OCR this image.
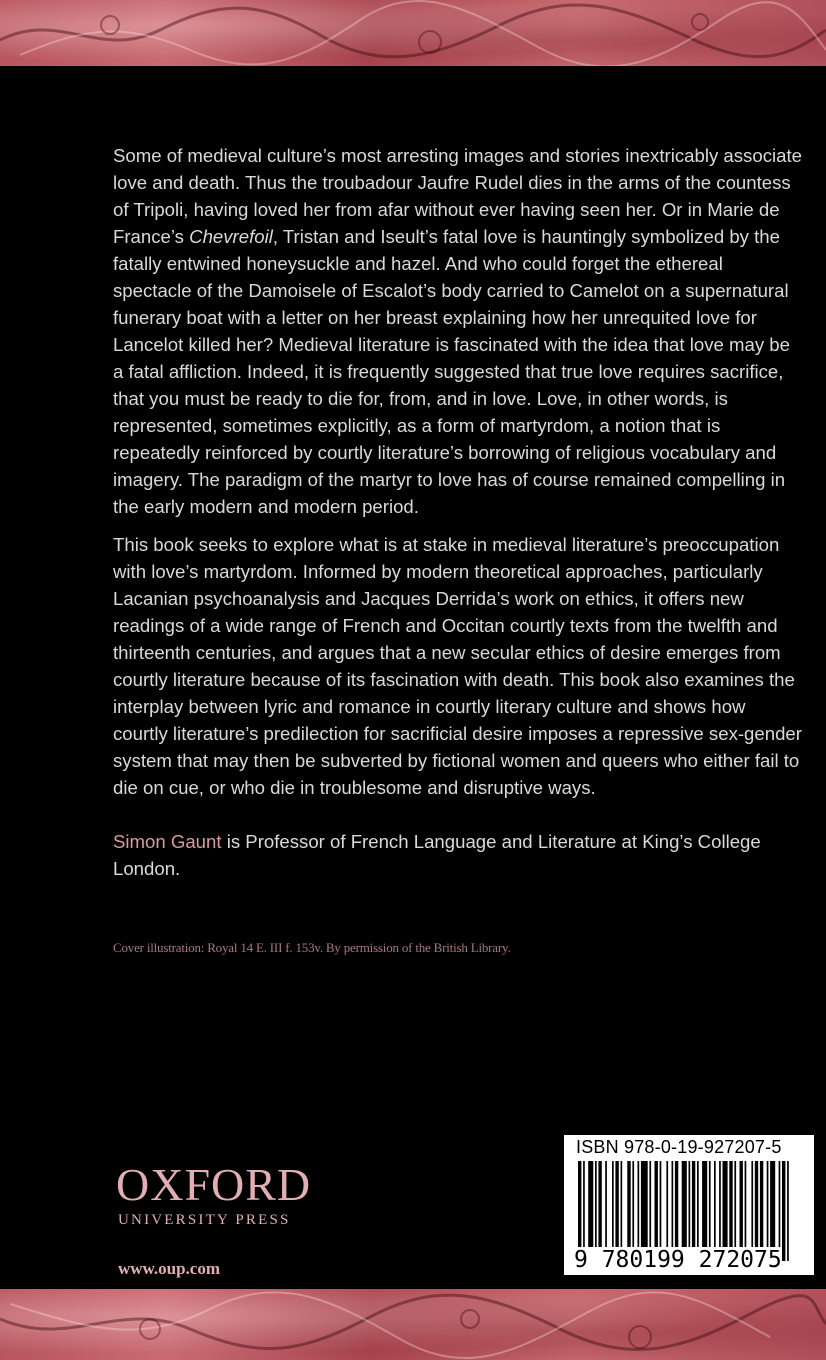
Some of medieval culture’s most arresting images and stories inextricably associate love and death. Thus the troubadour Jaufre Rudel dies in the arms of the countess of Tripoli, having loved her from afar without ever having seen her. Or in Marie de France’s Chevrefoil, Tristan and Iseult’s fatal love is hauntingly symbolized by the fatally entwined honeysuckle and hazel. And who could forget the ethereal spectacle of the Damoisele of Escalot’s body carried to Camelot on a supernatural funerary boat with a letter on her breast explaining how her unrequited love for Lancelot killed her? Medieval literature is fascinated with the idea that love may be a fatal affliction. Indeed, it is frequently suggested that true love requires sacrifice, that you must be ready to die for, from, and in love. Love, in other words, is represented, sometimes explicitly, as a form of martyrdom, a notion that is repeatedly reinforced by courtly literature’s borrowing of religious vocabulary and imagery. The paradigm of the martyr to love has of course remained compelling in the early modern and modern period.

This book seeks to explore what is at stake in medieval literature’s preoccupation with love’s martyrdom. Informed by modern theoretical approaches, particularly Lacanian psychoanalysis and Jacques Derrida’s work on ethics, it offers new readings of a wide range of French and Occitan courtly texts from the twelfth and thirteenth centuries, and argues that a new secular ethics of desire emerges from courtly literature because of its fascination with death. This book also examines the interplay between lyric and romance in courtly literary culture and shows how courtly literature’s predilection for sacrificial desire imposes a repressive sex-gender system that may then be subverted by fictional women and queers who either fail to die on cue, or who die in troublesome and disruptive ways.

Simon Gaunt is Professor of French Language and Literature at King’s College London.

Cover illustration: Royal 14 E. III f. 153v. By permission of the British Library.
OXFORD
UNIVERSITY PRESS
www.oup.com
ISBN 978-0-19-927207-5
9 780199 272075
